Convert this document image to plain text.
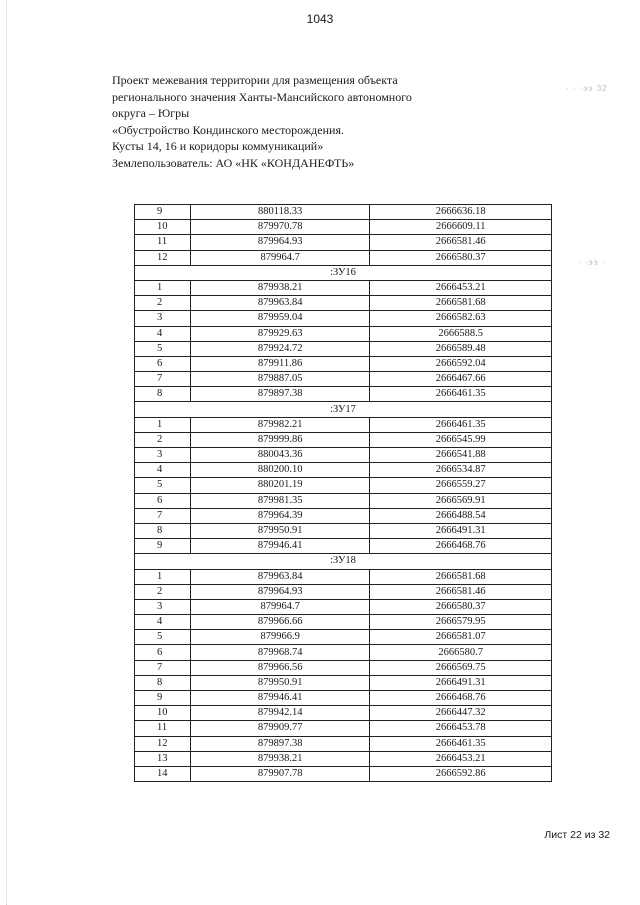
1043
Проект межевания территории для размещения объекта
регионального значения Ханты-Мансийского автономного
округа – Югры
«Обустройство Кондинского месторождения.
Кусты 14, 16 и коридоры коммуникаций»
Землепользователь: АО «НК «КОНДАНЕФТЬ»
· · ·ээ 32
· ·ээ ·
9	880118.33	2666636.18
10	879970.78	2666609.11
11	879964.93	2666581.46
12	879964.7	2666580.37
:ЗУ16		
1	879938.21	2666453.21
2	879963.84	2666581.68
3	879959.04	2666582.63
4	879929.63	2666588.5
5	879924.72	2666589.48
6	879911.86	2666592.04
7	879887.05	2666467.66
8	879897.38	2666461.35
:ЗУ17		
1	879982.21	2666461.35
2	879999.86	2666545.99
3	880043.36	2666541.88
4	880200.10	2666534.87
5	880201.19	2666559.27
6	879981.35	2666569.91
7	879964.39	2666488.54
8	879950.91	2666491.31
9	879946.41	2666468.76
:ЗУ18		
1	879963.84	2666581.68
2	879964.93	2666581.46
3	879964.7	2666580.37
4	879966.66	2666579.95
5	879966.9	2666581.07
6	879968.74	2666580.7
7	879966.56	2666569.75
8	879950.91	2666491.31
9	879946.41	2666468.76
10	879942.14	2666447.32
11	879909.77	2666453.78
12	879897.38	2666461.35
13	879938.21	2666453.21
14	879907.78	2666592.86
Лист 22 из 32
